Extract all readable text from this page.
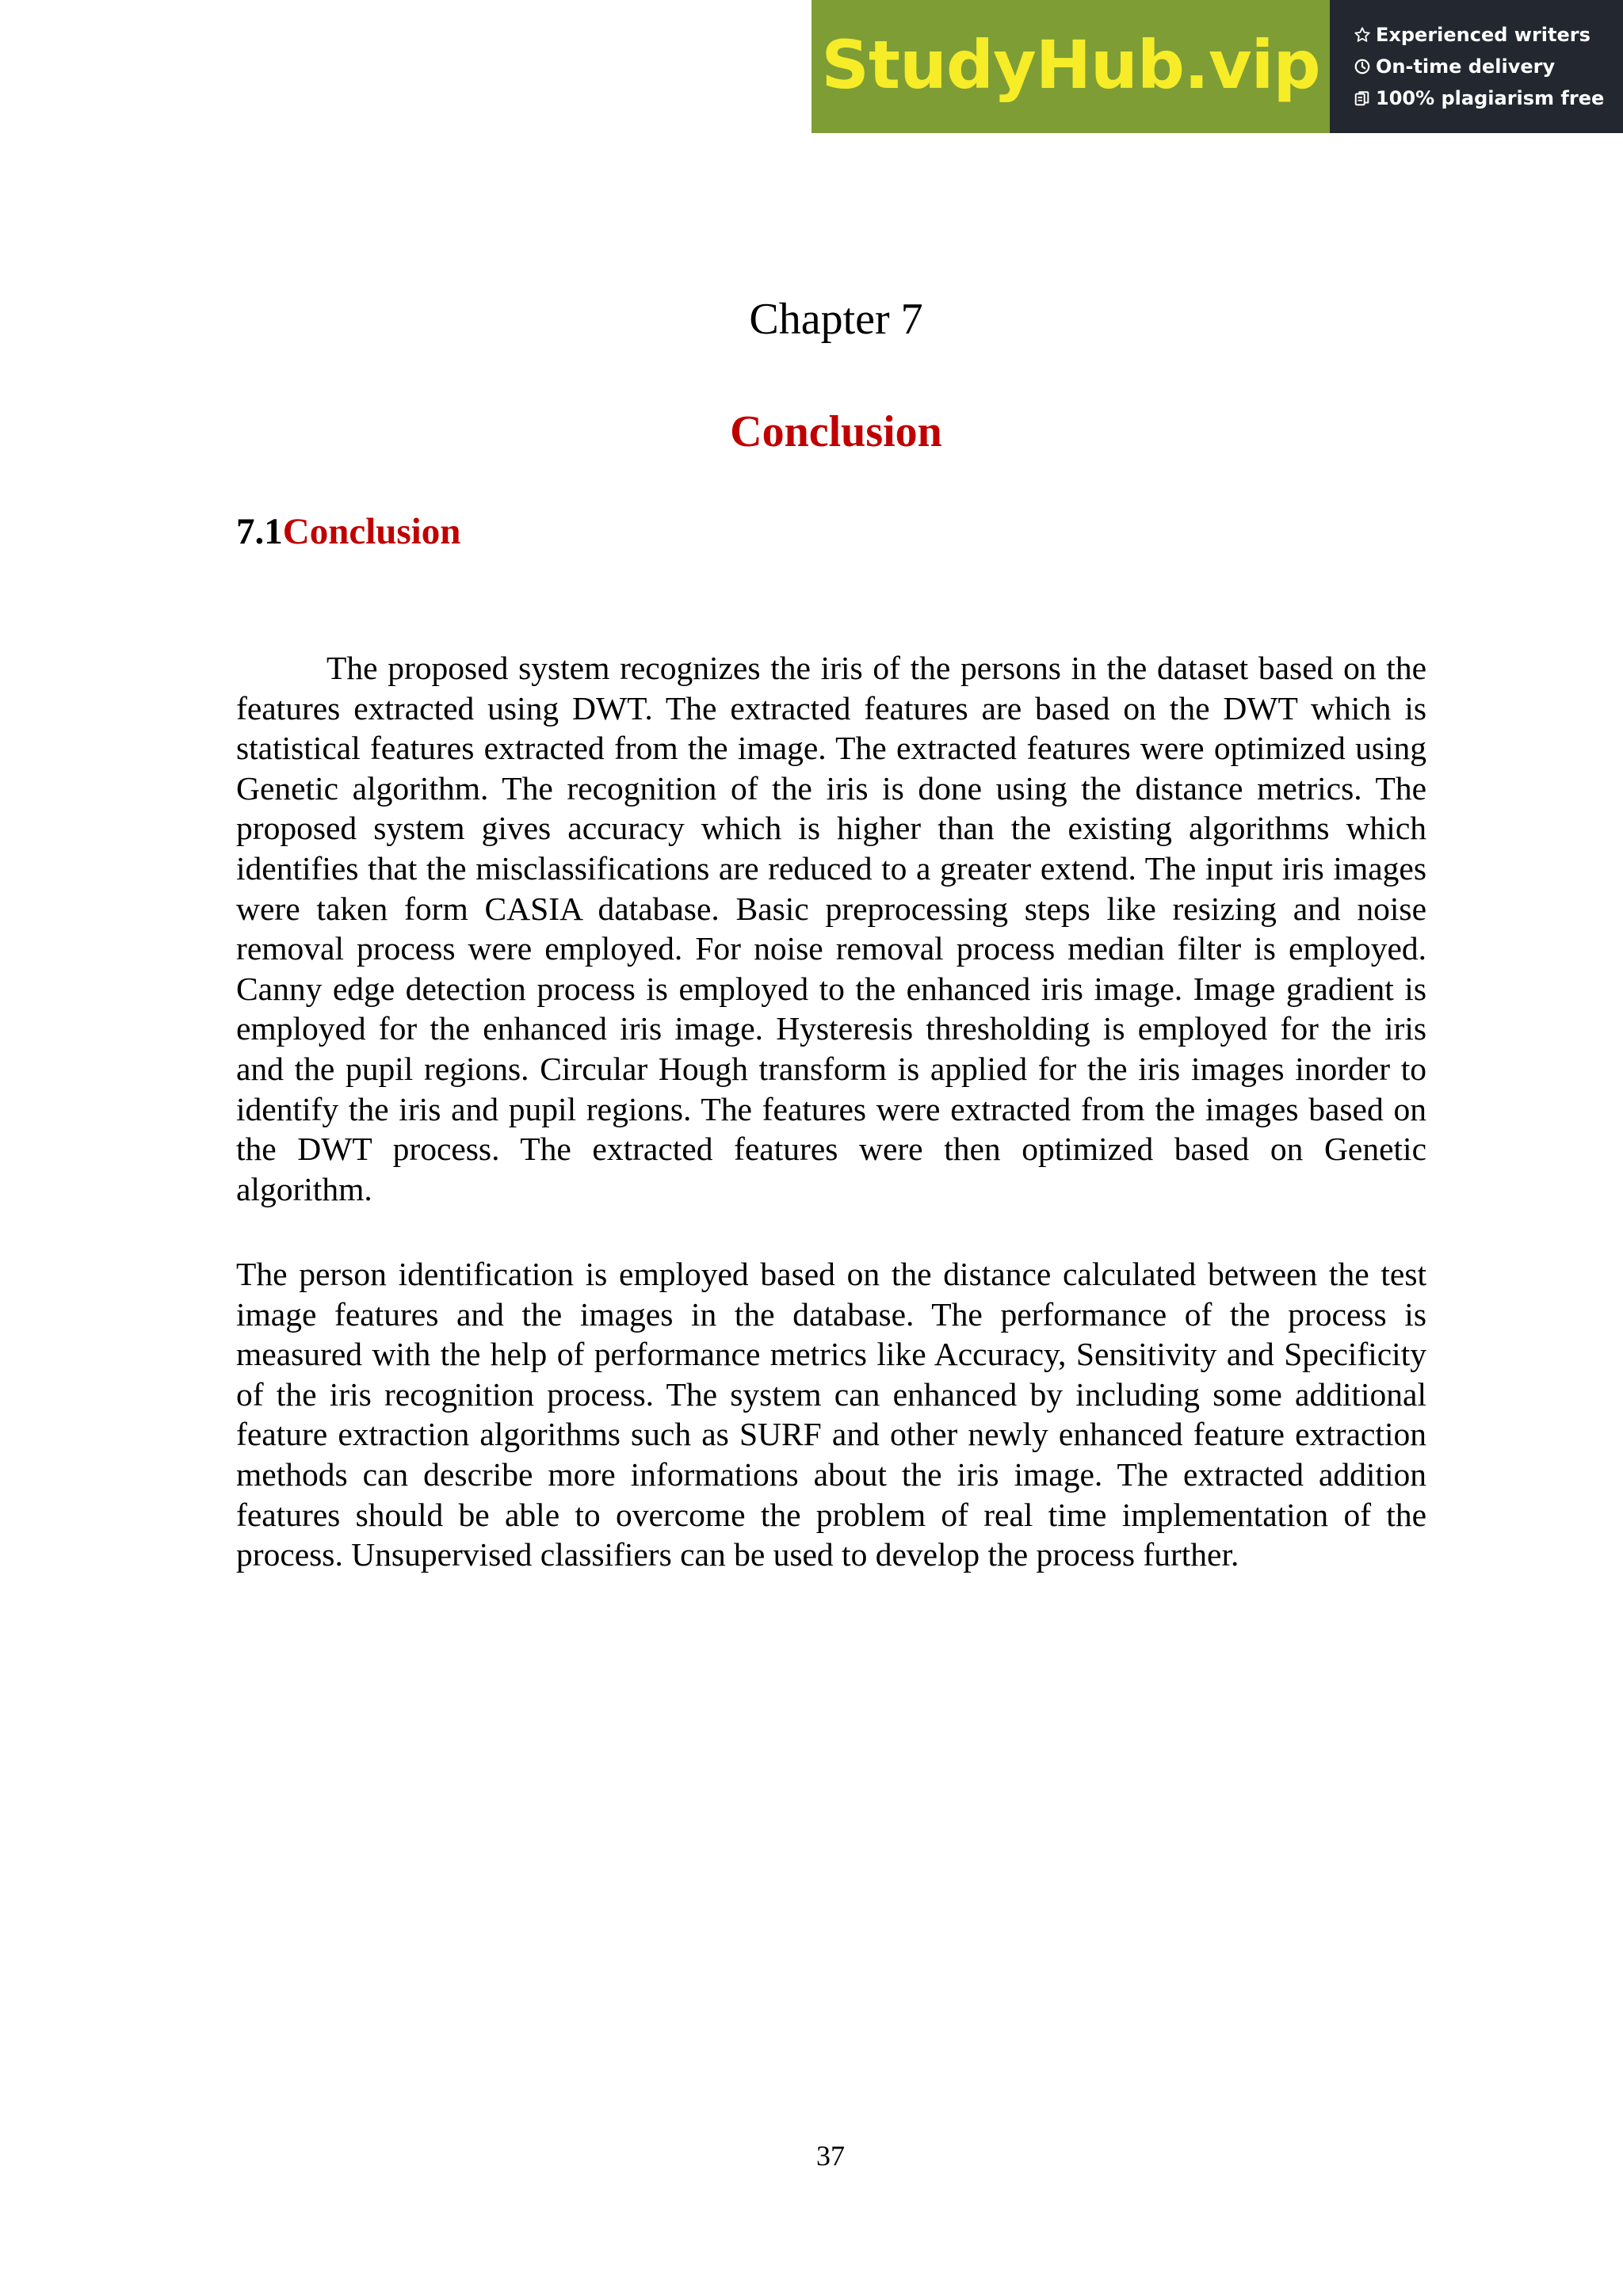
StudyHub.vip	Experienced writers
On-time delivery
100% plagiarism free
Chapter 7
Conclusion
7.1Conclusion

The proposed system recognizes the iris of the persons in the dataset based on the features extracted using DWT. The extracted features are based on the DWT which is statistical features extracted from the image. The extracted features were optimized using Genetic algorithm. The recognition of the iris is done using the distance metrics. The proposed system gives accuracy which is higher than the existing algorithms which identifies that the misclassifications are reduced to a greater extend. The input iris images were taken form CASIA database. Basic preprocessing steps like resizing and noise removal process were employed. For noise removal process median filter is employed. Canny edge detection process is employed to the enhanced iris image. Image gradient is employed for the enhanced iris image. Hysteresis thresholding is employed for the iris and the pupil regions. Circular Hough transform is applied for the iris images inorder to identify the iris and pupil regions. The features were extracted from the images based on the DWT process. The extracted features were then optimized based on Genetic algorithm.

The person identification is employed based on the distance calculated between the test image features and the images in the database. The performance of the process is measured with the help of performance metrics like Accuracy, Sensitivity and Specificity of the iris recognition process. The system can enhanced by including some additional feature extraction algorithms such as SURF and other newly enhanced feature extraction methods can describe more informations about the iris image. The extracted addition features should be able to overcome the problem of real time implementation of the process. Unsupervised classifiers can be used to develop the process further.

37
